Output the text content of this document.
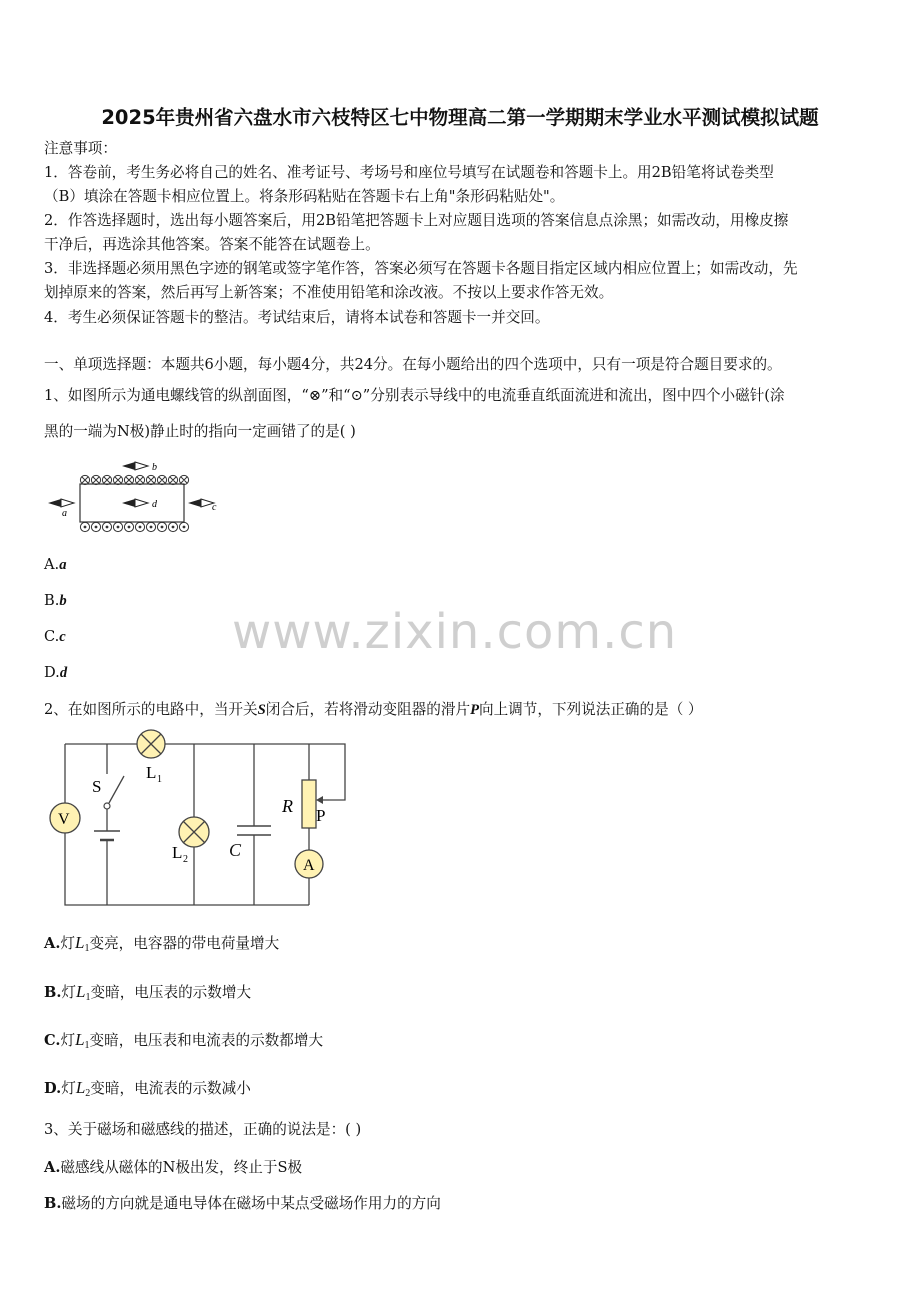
2025年贵州省六盘水市六枝特区七中物理高二第一学期期末学业水平测试模拟试题
注意事项：
1．答卷前，考生务必将自己的姓名、准考证号、考场号和座位号填写在试题卷和答题卡上。用2B铅笔将试卷类型
（B）填涂在答题卡相应位置上。将条形码粘贴在答题卡右上角"条形码粘贴处"。
2．作答选择题时，选出每小题答案后，用2B铅笔把答题卡上对应题目选项的答案信息点涂黑；如需改动，用橡皮擦
干净后，再选涂其他答案。答案不能答在试题卷上。
3．非选择题必须用黑色字迹的钢笔或签字笔作答，答案必须写在答题卡各题目指定区域内相应位置上；如需改动，先
划掉原来的答案，然后再写上新答案；不准使用铅笔和涂改液。不按以上要求作答无效。
4．考生必须保证答题卡的整洁。考试结束后，请将本试卷和答题卡一并交回。
一、单项选择题：本题共6小题，每小题4分，共24分。在每小题给出的四个选项中，只有一项是符合题目要求的。
1、如图所示为通电螺线管的纵剖面图，“⊗”和“⊙”分别表示导线中的电流垂直纸面流进和流出，图中四个小磁针(涂
黑的一端为N极)静止时的指向一定画错了的是( )
b
d
a
c
A.a
B.b
C.c
D.d
www.zixin.com.cn
2、在如图所示的电路中，当开关S闭合后，若将滑动变阻器的滑片P向上调节，下列说法正确的是（ ）
S
V
L 1
L 2 C
R P
A
A.灯$L_1$变亮，电容器的带电荷量增大
B.灯$L_1$变暗，电压表的示数增大
C.灯$L_1$变暗，电压表和电流表的示数都增大
D.灯$L_2$变暗，电流表的示数减小
3、关于磁场和磁感线的描述，正确的说法是：( )
A.磁感线从磁体的N极出发，终止于S极
B.磁场的方向就是通电导体在磁场中某点受磁场作用力的方向
